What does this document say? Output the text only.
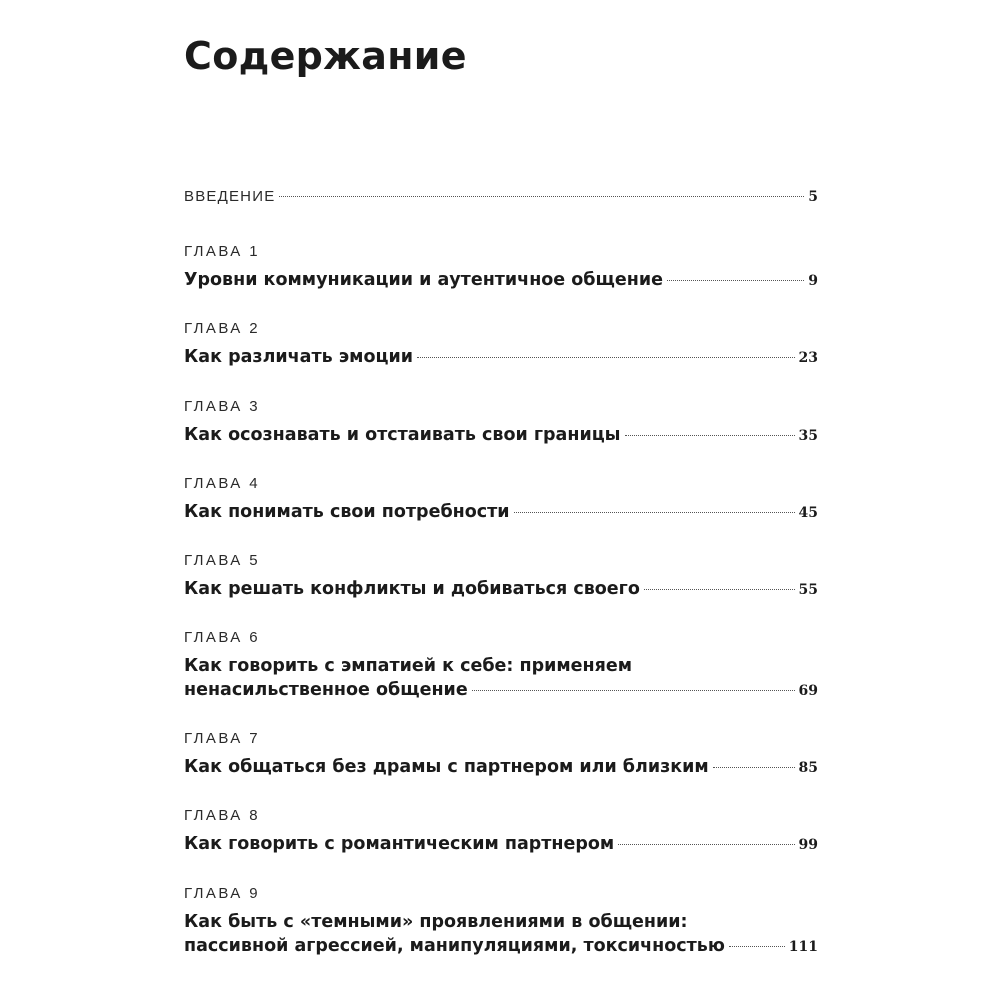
Содержание
ВВЕДЕНИЕ	5
ГЛАВА 1
Уровни коммуникации и аутентичное общение	9
ГЛАВА 2
Как различать эмоции	23
ГЛАВА 3
Как осознавать и отстаивать свои границы	35
ГЛАВА 4
Как понимать свои потребности	45
ГЛАВА 5
Как решать конфликты и добиваться своего	55
ГЛАВА 6
Как говорить с эмпатией к себе: применяем
ненасильственное общение	69
ГЛАВА 7
Как общаться без драмы с партнером или близким	85
ГЛАВА 8
Как говорить с романтическим партнером	99
ГЛАВА 9
Как быть с «темными» проявлениями в общении:
пассивной агрессией, манипуляциями, токсичностью	111
